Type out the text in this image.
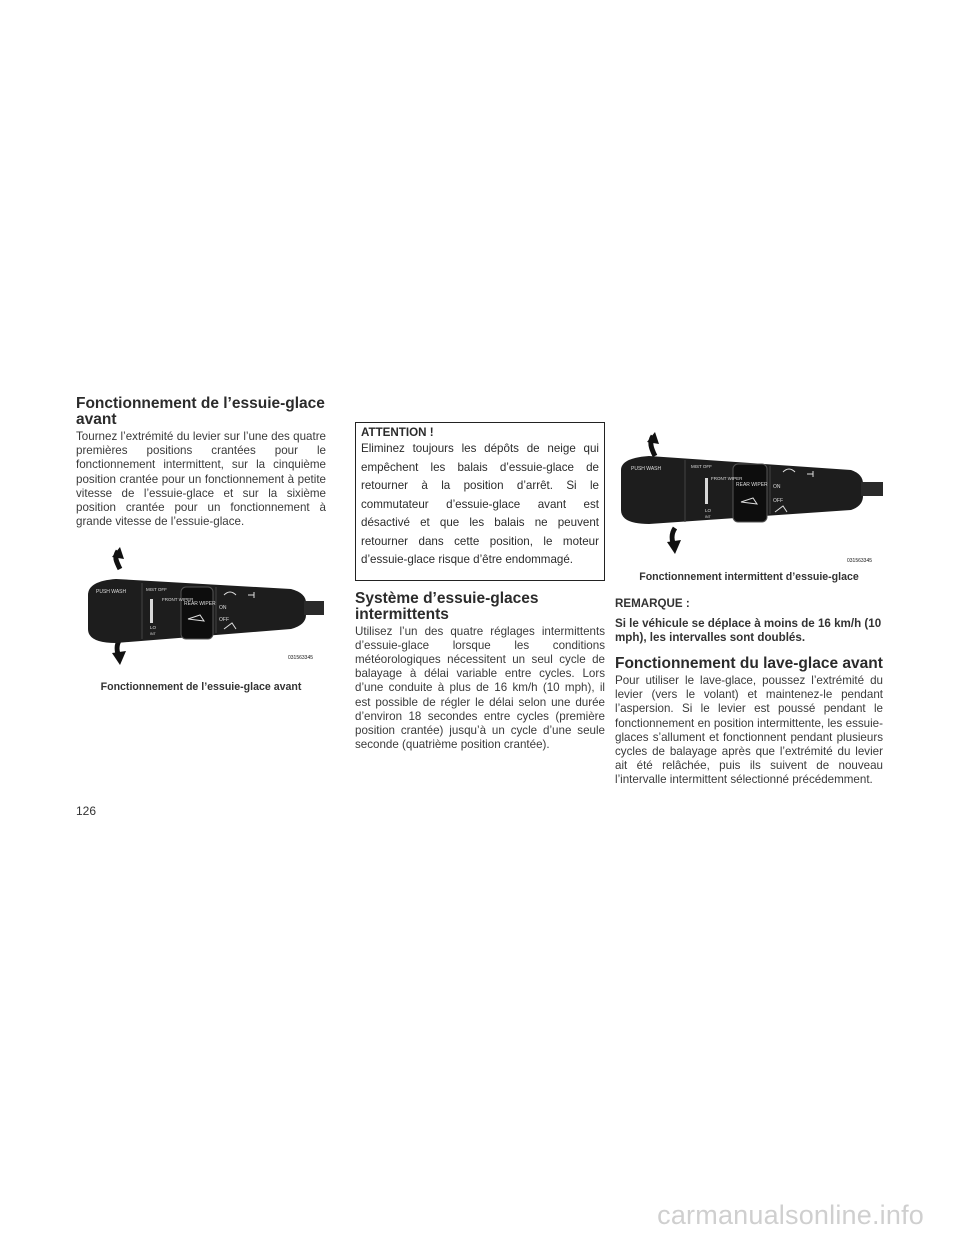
Fonctionnement de l’essuie-glace avant

Tournez l’extrémité du levier sur l’une des quatre premières positions crantées pour le fonctionnement intermittent, sur la cinquième position crantée pour un fonctionnement à petite vitesse de l’essuie-glace et sur la sixième position crantée pour un fonctionnement à grande vitesse de l’essuie-glace.

PUSH WASH	MIST OFF
FRONT WIPER
REAR WIPER
ON
OFF
LO
INT
031563345
Fonctionnement de l’essuie-glace avant
ATTENTION !
Eliminez toujours les dépôts de neige qui empêchent les balais d’essuie-glace de retourner à la position d’arrêt. Si le commutateur d’essuie-glace avant est désactivé et que les balais ne peuvent retourner dans cette position, le moteur d’essuie-glace risque d’être endommagé.
Système d’essuie-glaces intermittents

Utilisez l’un des quatre réglages intermittents d’essuie-glace lorsque les conditions météorologiques nécessitent un seul cycle de balayage à délai variable entre cycles. Lors d’une conduite à plus de 16 km/h (10 mph), il est possible de régler le délai selon une durée d’environ 18 secondes entre cycles (première position crantée) jusqu’à un cycle d’une seule seconde (quatrième position crantée).

PUSH WASH	MIST OFF
FRONT WIPER
REAR WIPER ON
OFF
LO
INT
031563345
Fonctionnement intermittent d’essuie-glace
REMARQUE :
Si le véhicule se déplace à moins de 16 km/h (10 mph), les intervalles sont doublés.
Fonctionnement du lave-glace avant

Pour utiliser le lave-glace, poussez l’extrémité du levier (vers le volant) et maintenez-le pendant l’aspersion. Si le levier est poussé pendant le fonctionnement en position intermittente, les essuie-glaces s’allument et fonctionnent pendant plusieurs cycles de balayage après que l’extrémité du levier ait été relâchée, puis ils suivent de nouveau l’intervalle intermittent sélectionné précédemment.

126
carmanualsonline.info
